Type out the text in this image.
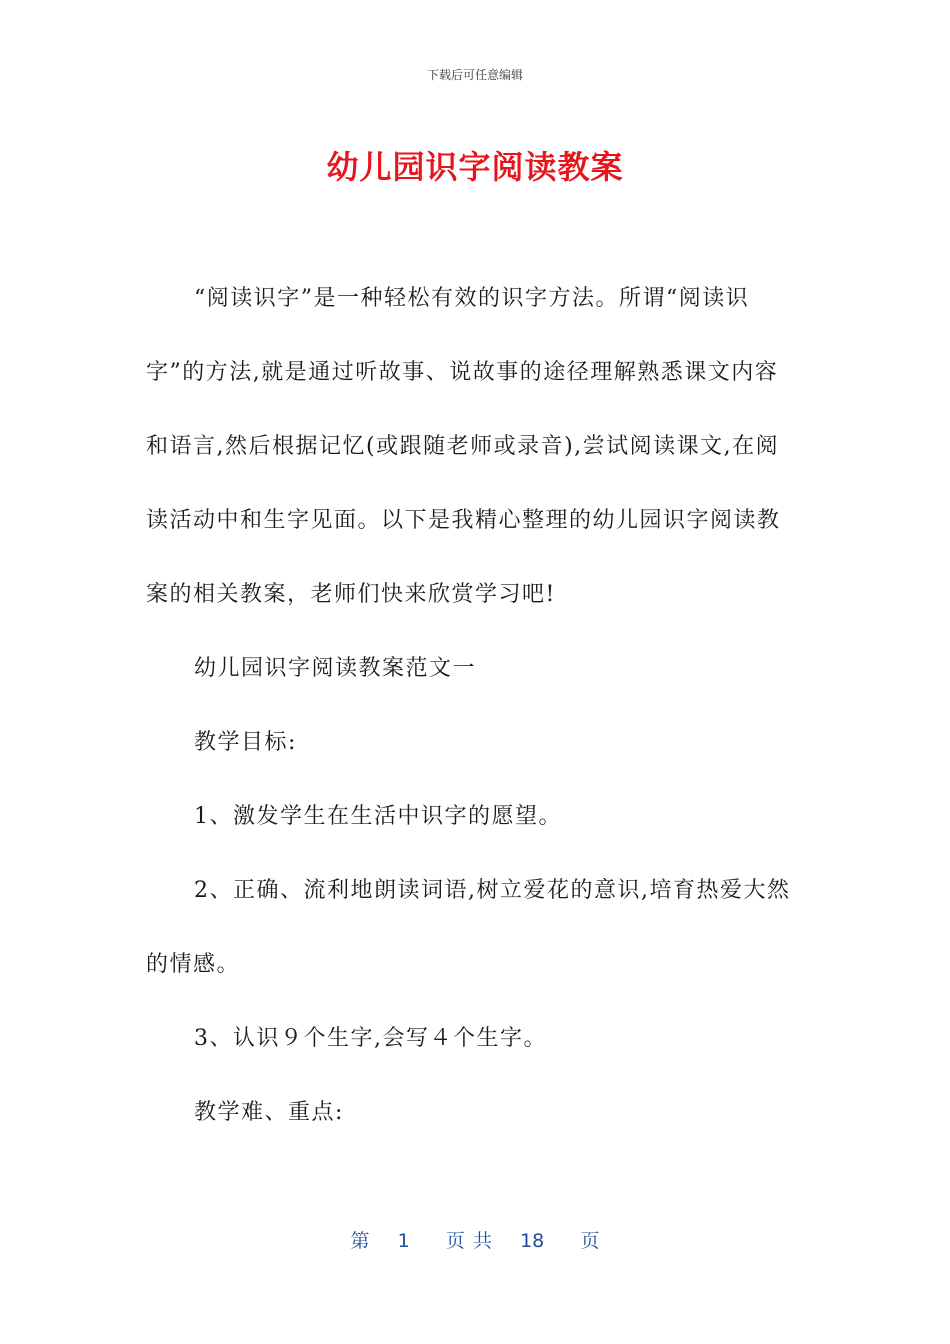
下载后可任意编辑
幼儿园识字阅读教案
“阅读识字”是一种轻松有效的识字方法。所谓“阅读识
字”的方法,就是通过听故事、说故事的途径理解熟悉课文内容
和语言,然后根据记忆(或跟随老师或录音),尝试阅读课文,在阅
读活动中和生字见面。以下是我精心整理的幼儿园识字阅读教
案的相关教案，老师们快来欣赏学习吧!
幼儿园识字阅读教案范文一
教学目标:
1、激发学生在生活中识字的愿望。
2、正确、流利地朗读词语,树立爱花的意识,培育热爱大然
的情感。
3、认识９个生字,会写４个生字。
教学难、重点:
第 1 页 共 18 页
